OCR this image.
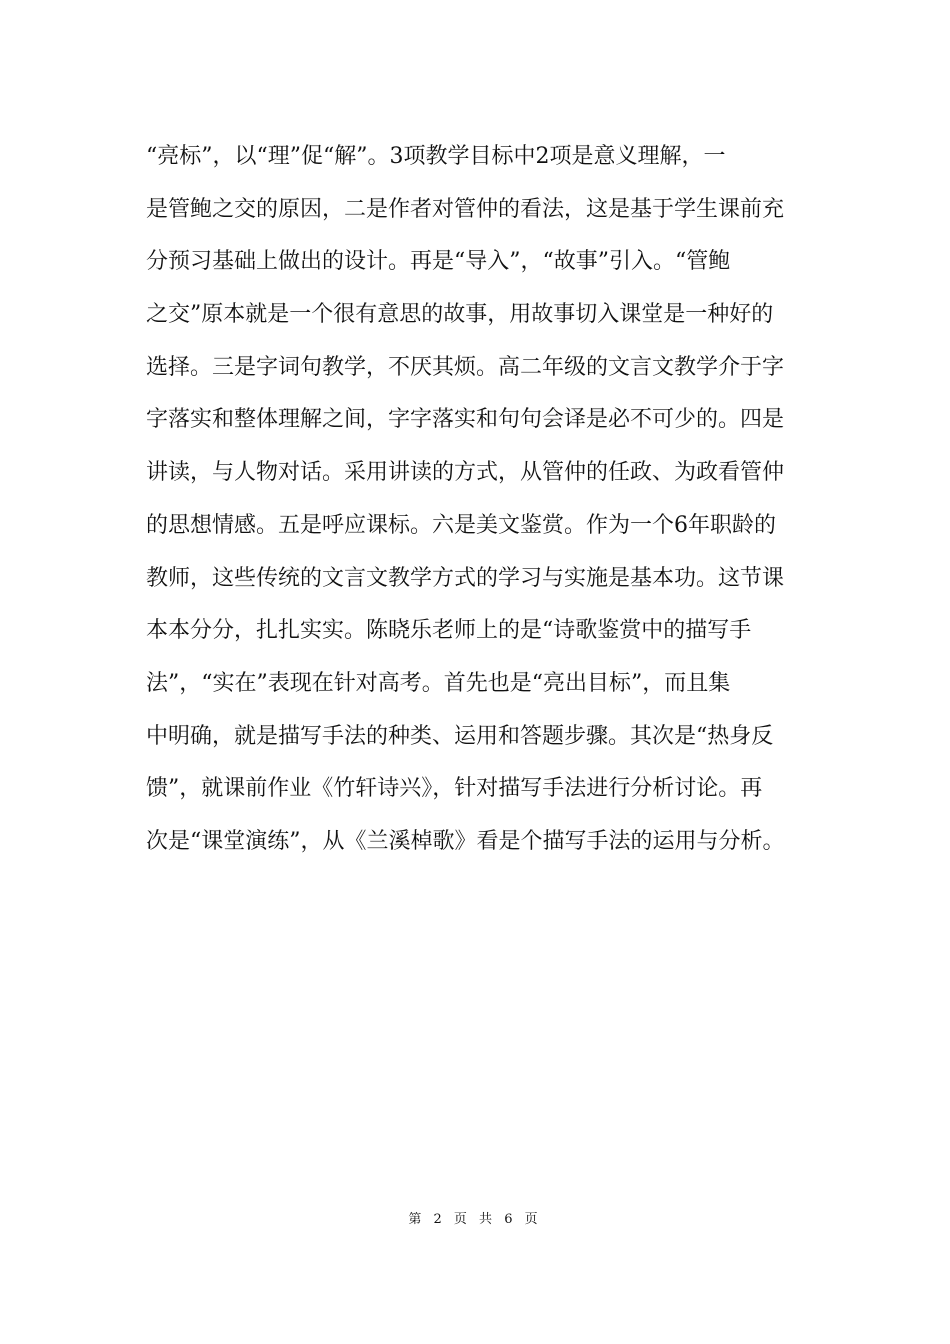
“亮标”，以“理”促“解”。3项教学目标中2项是意义理解，一
是管鲍之交的原因，二是作者对管仲的看法，这是基于学生课前充
分预习基础上做出的设计。再是“导入”，“故事”引入。“管鲍
之交”原本就是一个很有意思的故事，用故事切入课堂是一种好的
选择。三是字词句教学，不厌其烦。高二年级的文言文教学介于字
字落实和整体理解之间，字字落实和句句会译是必不可少的。四是
讲读，与人物对话。采用讲读的方式，从管仲的任政、为政看管仲
的思想情感。五是呼应课标。六是美文鉴赏。作为一个6年职龄的
教师，这些传统的文言文教学方式的学习与实施是基本功。这节课
本本分分，扎扎实实。陈晓乐老师上的是“诗歌鉴赏中的描写手
法”，“实在”表现在针对高考。首先也是“亮出目标”，而且集
中明确，就是描写手法的种类、运用和答题步骤。其次是“热身反
馈”，就课前作业《竹轩诗兴》，针对描写手法进行分析讨论。再
次是“课堂演练”，从《兰溪棹歌》看是个描写手法的运用与分析。
第 2 页 共 6 页
